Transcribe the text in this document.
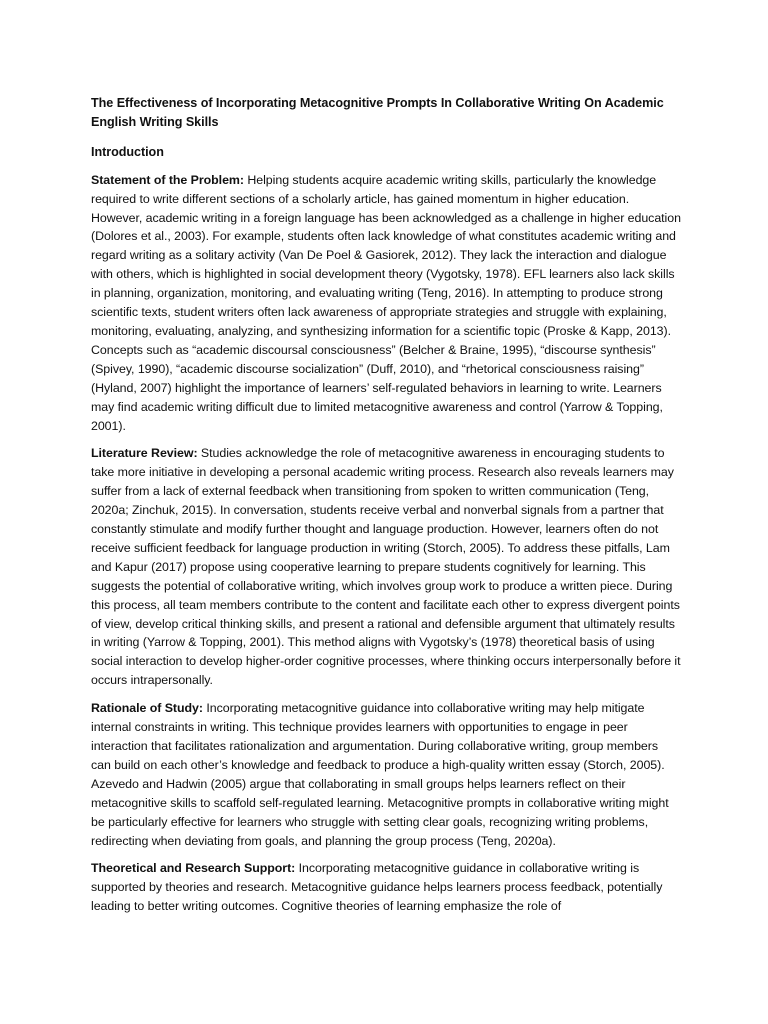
The Effectiveness of Incorporating Metacognitive Prompts In Collaborative Writing On Academic English Writing Skills

Introduction

Statement of the Problem: Helping students acquire academic writing skills, particularly the knowledge required to write different sections of a scholarly article, has gained momentum in higher education. However, academic writing in a foreign language has been acknowledged as a challenge in higher education (Dolores et al., 2003). For example, students often lack knowledge of what constitutes academic writing and regard writing as a solitary activity (Van De Poel & Gasiorek, 2012). They lack the interaction and dialogue with others, which is highlighted in social development theory (Vygotsky, 1978). EFL learners also lack skills in planning, organization, monitoring, and evaluating writing (Teng, 2016). In attempting to produce strong scientific texts, student writers often lack awareness of appropriate strategies and struggle with explaining, monitoring, evaluating, analyzing, and synthesizing information for a scientific topic (Proske & Kapp, 2013). Concepts such as “academic discoursal consciousness” (Belcher & Braine, 1995), “discourse synthesis” (Spivey, 1990), “academic discourse socialization” (Duff, 2010), and “rhetorical consciousness raising” (Hyland, 2007) highlight the importance of learners’ self-regulated behaviors in learning to write. Learners may find academic writing difficult due to limited metacognitive awareness and control (Yarrow & Topping, 2001).

Literature Review: Studies acknowledge the role of metacognitive awareness in encouraging students to take more initiative in developing a personal academic writing process. Research also reveals learners may suffer from a lack of external feedback when transitioning from spoken to written communication (Teng, 2020a; Zinchuk, 2015). In conversation, students receive verbal and nonverbal signals from a partner that constantly stimulate and modify further thought and language production. However, learners often do not receive sufficient feedback for language production in writing (Storch, 2005). To address these pitfalls, Lam and Kapur (2017) propose using cooperative learning to prepare students cognitively for learning. This suggests the potential of collaborative writing, which involves group work to produce a written piece. During this process, all team members contribute to the content and facilitate each other to express divergent points of view, develop critical thinking skills, and present a rational and defensible argument that ultimately results in writing (Yarrow & Topping, 2001). This method aligns with Vygotsky’s (1978) theoretical basis of using social interaction to develop higher-order cognitive processes, where thinking occurs interpersonally before it occurs intrapersonally.

Rationale of Study: Incorporating metacognitive guidance into collaborative writing may help mitigate internal constraints in writing. This technique provides learners with opportunities to engage in peer interaction that facilitates rationalization and argumentation. During collaborative writing, group members can build on each other’s knowledge and feedback to produce a high-quality written essay (Storch, 2005). Azevedo and Hadwin (2005) argue that collaborating in small groups helps learners reflect on their metacognitive skills to scaffold self-regulated learning. Metacognitive prompts in collaborative writing might be particularly effective for learners who struggle with setting clear goals, recognizing writing problems, redirecting when deviating from goals, and planning the group process (Teng, 2020a).

Theoretical and Research Support: Incorporating metacognitive guidance in collaborative writing is supported by theories and research. Metacognitive guidance helps learners process feedback, potentially leading to better writing outcomes. Cognitive theories of learning emphasize the role of
